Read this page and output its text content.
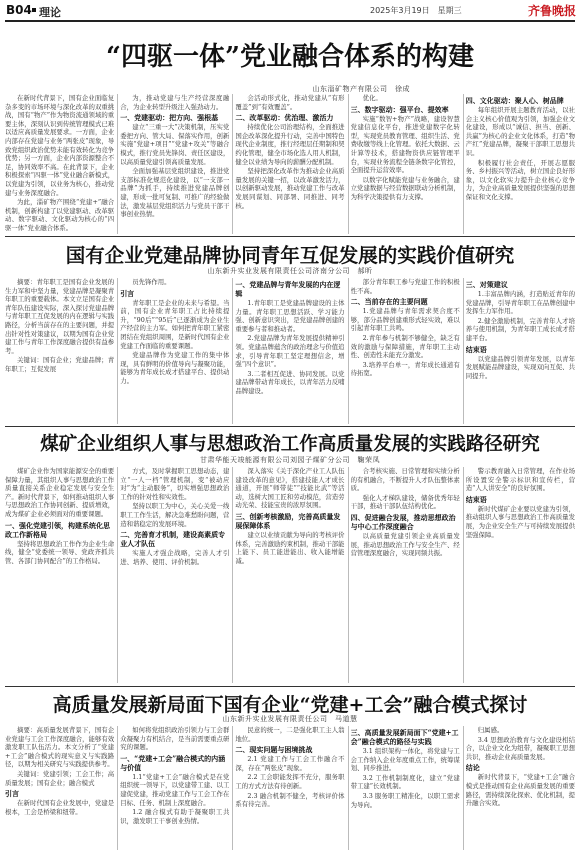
B04 理论	2025年3月19日　星期三	齐鲁晚报
“四驱一体”党业融合体系的构建
山东淄矿物产有限公司　徐成

在新时代背景下，国有企业面临复杂多变的市场环境与深化改革的双重挑战，国有“物产”作为物资流通领域的重要主体，深刻认识到传统管理模式已难以适应高质量发展要求。一方面，企业内部存在党建与业务“两张皮”现象，导致党组织政治优势未能有效转化为竞争优势；另一方面，企业内部资源整合不足，协同效率不高。在此背景下，企业积极探索“四驱一体”党业融合新模式，以党建为引领，以业务为核心，推动党建与业务深度融合。

为此，淄矿物产围绕“党建+”融合机制，创新构建了以党建驱动、改革驱动、数字驱动、文化驱动为核心的“四驱一体”党业融合体系。

为，推动党建与生产经营深度融合，为企业转型升级注入强劲动力。

一、党建驱动：把方向、强根基

建立“三重一大”决策机制，压实党委把方向、管大局、保落实作用，创新实施“党建+项目”“党建+攻关”等融合模式，推行党员先锋岗、责任区建设，以高质量党建引领高质量发展。

全面加强基层党组织建设，推进党支部标准化规范化建设，以“一支部一品牌”为抓手，持续推进党建品牌创建，形成一批可复制、可推广的经验做法，激发基层党组织活力与党员干部干事创业热情。

会活动形式化，推动党建从“有形覆盖”到“有效覆盖”。

二、改革驱动：优治理、激活力

持续优化公司治理结构，全面推进国企改革深化提升行动，完善中国特色现代企业制度，推行经理层任期制和契约化管理，健全市场化选人用人机制，健全以业绩为导向的薪酬分配机制。

坚持把深化改革作为推动企业高质量发展的关键一招，以改革激发活力，以创新驱动发展，推动党建工作与改革发展同谋划、同部署、同推进、同考核。

优化。

三、数字驱动：强平台、提效率

实施“数智+物产”战略，建设智慧党建信息化平台，推进党建数字化转型，实现党员教育管理、组织生活、党费收缴等线上化管理。依托大数据、云计算等技术，搭建物资供应链管理平台，实现业务流程全链条数字化管控，全面提升运营效率。

以数字化赋能党建与业务融合，建立党建数据与经营数据联动分析机制，为科学决策提供有力支撑。

四、文化驱动：聚人心、树品牌

每年组织开展主题教育活动，以社会主义核心价值观为引领，加强企业文化建设，形成以“诚信、担当、创新、共赢”为核心的企业文化体系，打造“物产红”党建品牌，凝聚干部职工思想共识。

积极履行社会责任，开展志愿服务、乡村振兴等活动，树立国企良好形象，以文化软实力提升企业核心竞争力，为企业高质量发展提供坚强的思想保证和文化支撑。

国有企业党建品牌协同青年互促发展的实践价值研究
山东新升实业发展有限责任公司济南分公司　郝昕

摘要：青年职工是国有企业发展的生力军和中坚力量，党建品牌是凝聚青年职工的重要载体。本文立足国有企业青年队伍建设实际，深入探讨党建品牌与青年职工互促发展的内在逻辑与实践路径，分析当前存在的主要问题，并提出针对性对策建议，以期为国有企业党建工作与青年工作深度融合提供有益参考。

关键词：国有企业；党建品牌；青年职工；互促发展

员先锋作用。

引言

青年职工是企业的未来与希望。当前，国有企业青年职工占比持续提升，“90后”“95后”已逐渐成为企业生产经营的主力军。如何把青年职工紧密团结在党组织周围，是新时代国有企业党建工作面临的重要课题。

党建品牌作为党建工作的集中体现，具有鲜明的价值导向与凝聚功能，能够为青年成长成才搭建平台、提供动力。

一、党建品牌与青年发展的内在逻辑

1.青年职工是党建品牌建设的主体力量。青年职工思想活跃、学习能力强、创新意识突出，是党建品牌创建的重要参与者和推动者。

2.党建品牌为青年发展提供精神引领。党建品牌蕴含的政治理念与价值追求，引导青年职工坚定理想信念，增强“四个意识”。

3.二者相互促进、协同发展。以党建品牌带动青年成长，以青年活力反哺品牌建设。

部分青年职工参与党建工作的积极性不高。

二、当前存在的主要问题

1.党建品牌与青年需求契合度不够，部分品牌创建重形式轻实效，难以引起青年职工共鸣。

2.青年参与机制不够健全，缺乏有效的激励与保障措施，青年职工主动性、创造性未能充分激发。

3.培养平台单一，青年成长通道有待拓宽。

三、对策建议

1.丰富品牌内涵，打造贴近青年的党建品牌，引导青年职工在品牌创建中发挥生力军作用。

2.健全激励机制，完善青年人才培养与使用机制，为青年职工成长成才搭建平台。

结束语

以党建品牌引领青年发展，以青年发展赋能品牌建设，实现双向互促、共同提升。

煤矿企业组织人事与思想政治工作高质量发展的实践路径研究
甘肃华能天竣能源有限公司刘园子煤矿分公司　鞠荣凤

煤矿企业作为国家能源安全的重要保障力量，其组织人事与思想政治工作质量直接关系企业稳定发展与安全生产。新时代背景下，如何推动组织人事与思想政治工作协同创新、提质增效，成为煤矿企业必须面对的重要课题。

一、强化党建引领，构建系统化思政工作新格局

坚持将思想政治工作作为企业生命线，健全“党委统一领导、党政齐抓共管、各部门协同配合”的工作格局。

方式，及时掌握职工思想动态，建立“一人一档”管理机制，变“被动应对”为“主动服务”，切实增强思想政治工作的针对性和实效性。

坚持以职工为中心，关心关爱一线职工工作生活，解决急难愁盼问题，营造和谐稳定的发展环境。

二、完善育才机制，建设高素质专业人才队伍

实施人才强企战略，完善人才引进、培养、使用、评价机制。

深入落实《关于深化产业工人队伍建设改革的意见》，搭建技能人才成长通道，开展“师带徒”“技能比武”等活动，选树大国工匠和劳动模范，营造劳动光荣、技能宝贵的浓厚氛围。

三、创新考核激励，完善高质量发展保障体系

建立以业绩贡献为导向的考核评价体系，完善激励约束机制，推动干部能上能下、员工能进能出、收入能增能减。

合考核实施、日常管理和实绩分析的有机融合，不断提升人才队伍整体素质。

强化人才梯队建设，储备优秀年轻干部，推动干部队伍结构优化。

四、促进融合发展，推动思想政治与中心工作深度融合

以高质量党建引领企业高质量发展，推动思想政治工作与安全生产、经营管理深度融合，实现同频共振。

警示教育融入日常管理，在作业场所设置安全警示标识和宣传栏，营造“人人讲安全”的良好氛围。

结束语

新时代煤矿企业要以党建为引领，推动组织人事与思想政治工作高质量发展，为企业安全生产与可持续发展提供坚强保障。

高质量发展新局面下国有企业“党建+工会”融合模式探讨
山东新升实业发展有限责任公司　马道慧

摘要：高质量发展背景下，国有企业党建与工会工作深度融合，能够有效激发职工队伍活力。本文分析了“党建+工会”融合模式的现实意义与实践路径，以期为相关研究与实践提供参考。

关键词：党建引领；工会工作；高质量发展；国有企业；融合模式

引言

在新时代国有企业发展中，党建是根本，工会是桥梁和纽带。

如何将党组织政治引领力与工会群众凝聚力有机结合，是当前需要重点研究的课题。

一、“党建+工会”融合模式的内涵与价值

1.1“党建+工会”融合模式是在党组织统一领导下，以党建带工建、以工建促党建，推动党建工作与工会工作在目标、任务、机制上深度融合。

1.2 融合模式有助于凝聚职工共识，激发职工干事创业热情。

民意的统一，二是强化职工主人翁地位。

二、现实问题与困境挑战

2.1 党建工作与工会工作融合不深，存在“两张皮”现象。

2.2 工会职能发挥不充分，服务职工的方式方法有待创新。

2.3 融合机制不健全，考核评价体系有待完善。

三、高质量发展新局面下“党建+工会”融合模式的路径与实践

3.1 组织架构一体化，将党建与工会工作纳入企业年度重点工作，统筹谋划、同步推进。

3.2 工作机制制度化，建立“党建带工建”长效机制。

3.3 服务职工精准化，以职工需求为导向。

归属感。

3.4 思想政治教育与文化建设相结合，以企业文化为纽带，凝聚职工思想共识，推动企业高质量发展。

结论

新时代背景下，“党建+工会”融合模式是推动国有企业高质量发展的重要路径，需持续深化探索、优化机制，提升融合实效。
